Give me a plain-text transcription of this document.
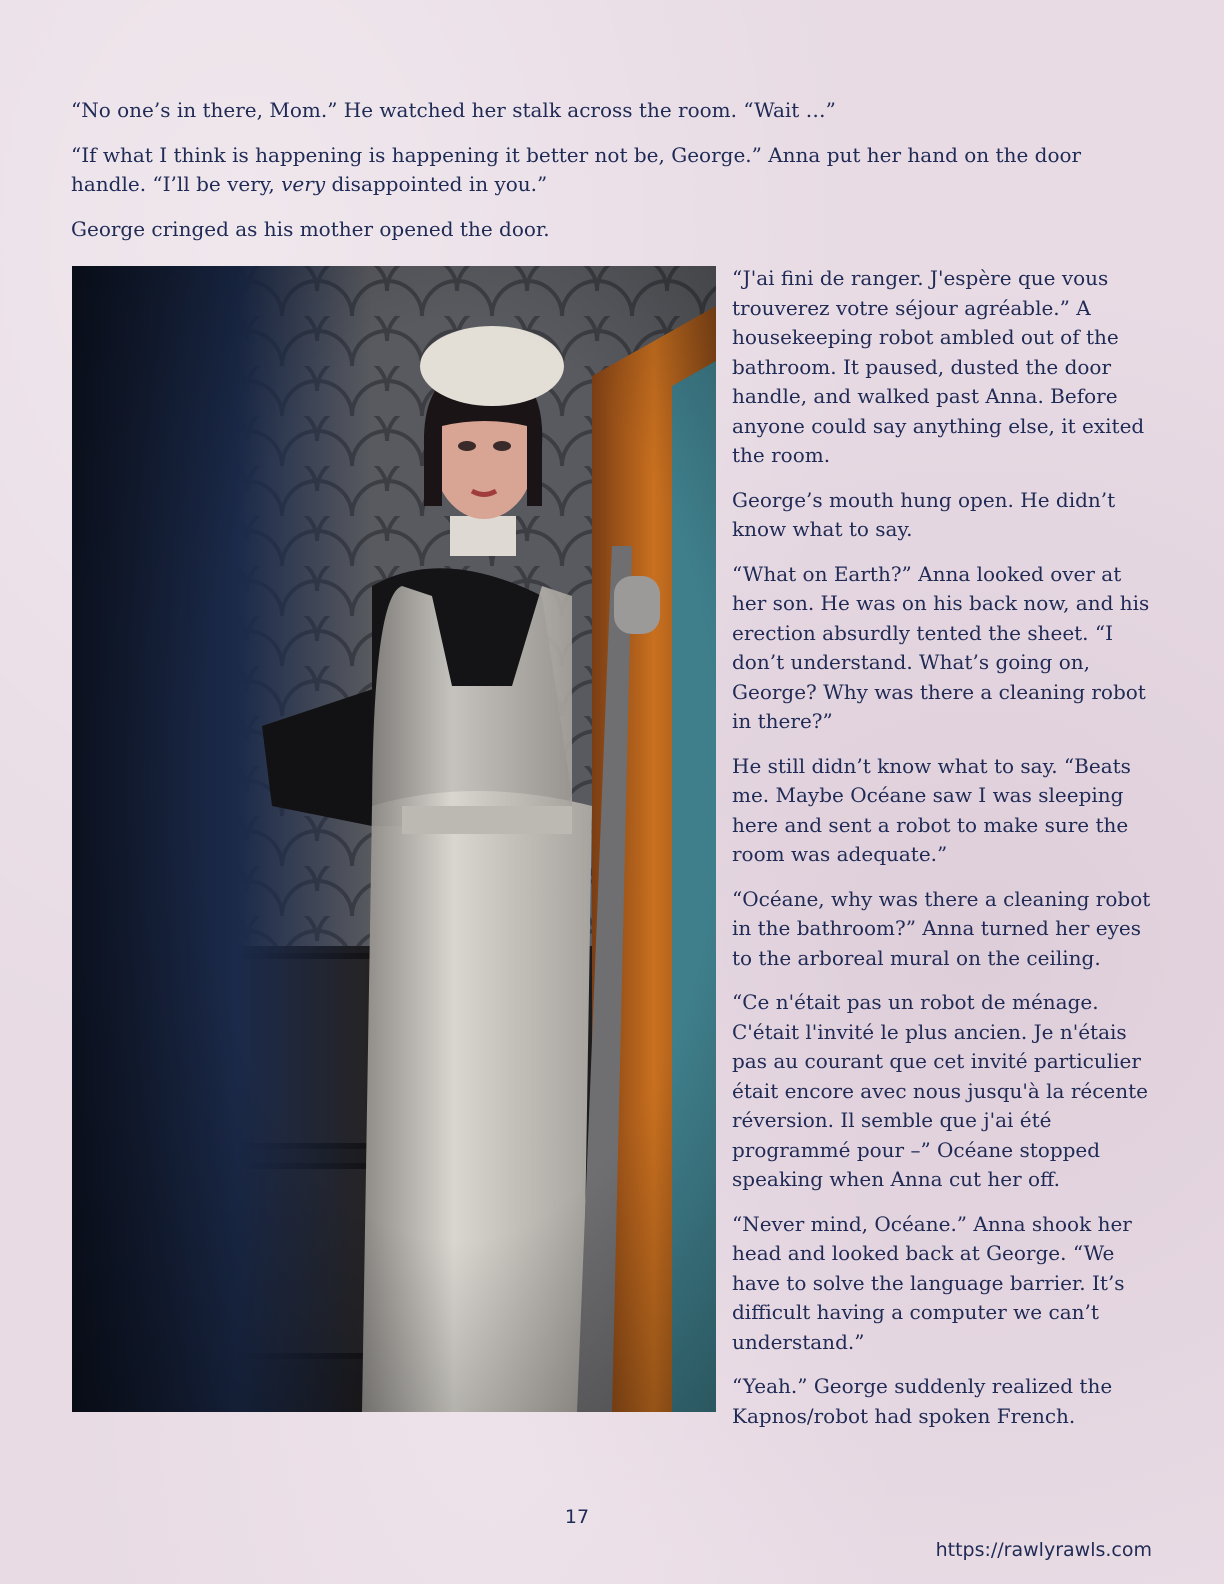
“No one’s in there, Mom.” He watched her stalk across the room. “Wait …”

“If what I think is happening is happening it better not be, George.” Anna put her hand on the door handle. “I’ll be very, very disappointed in you.”

George cringed as his mother opened the door.

“J'ai fini de ranger. J'espère que vous trouverez votre séjour agréable.” A housekeeping robot ambled out of the bathroom. It paused, dusted the door handle, and walked past Anna. Before anyone could say anything else, it exited the room.

George’s mouth hung open. He didn’t know what to say.

“What on Earth?” Anna looked over at her son. He was on his back now, and his erection absurdly tented the sheet. “I don’t understand. What’s going on, George? Why was there a cleaning robot in there?”

He still didn’t know what to say. “Beats me. Maybe Océane saw I was sleeping here and sent a robot to make sure the room was adequate.”

“Océane, why was there a cleaning robot in the bathroom?” Anna turned her eyes to the arboreal mural on the ceiling.

“Ce n'était pas un robot de ménage. C'était l'invité le plus ancien. Je n'étais pas au courant que cet invité particulier était encore avec nous jusqu'à la récente réversion. Il semble que j'ai été programmé pour –” Océane stopped speaking when Anna cut her off.

“Never mind, Océane.” Anna shook her head and looked back at George. “We have to solve the language barrier. It’s difficult having a computer we can’t understand.”

“Yeah.” George suddenly realized the Kapnos/robot had spoken French.

17
https://rawlyrawls.com
